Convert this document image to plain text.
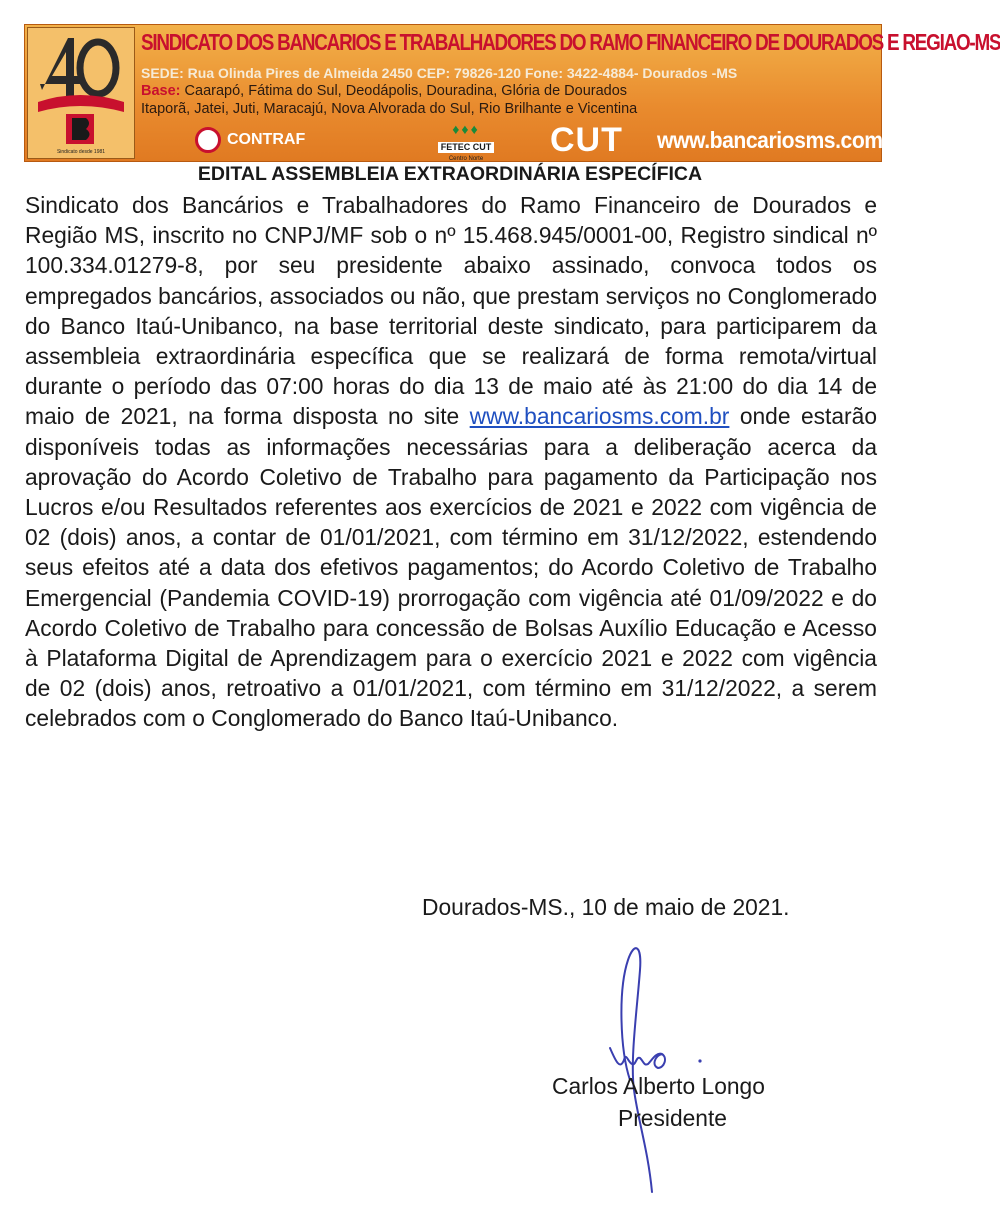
Sindicato desde 1981
SINDICATO DOS BANCARIOS E TRABALHADORES DO RAMO FINANCEIRO DE DOURADOS E REGIAO-MS
SEDE: Rua Olinda Pires de Almeida 2450 CEP: 79826-120 Fone: 3422-4884- Dourados -MS
Base: Caarapó, Fátima do Sul, Deodápolis, Douradina, Glória de Dourados
Itaporã, Jatei, Juti, Maracajú, Nova Alvorada do Sul, Rio Brilhante e Vicentina
CONTRAF
♦♦♦
FETEC CUT
Centro Norte	CUT www.bancariosms.com.br
EDITAL ASSEMBLEIA EXTRAORDINÁRIA ESPECÍFICA
Sindicato dos Bancários e Trabalhadores do Ramo Financeiro de Dourados e Região MS, inscrito no CNPJ/MF sob o nº 15.468.945/0001-00, Registro sindical nº 100.334.01279-8, por seu presidente abaixo assinado, convoca todos os empregados bancários, associados ou não, que prestam serviços no Conglomerado do Banco Itaú-Unibanco, na base territorial deste sindicato, para participarem da assembleia extraordinária específica que se realizará de forma remota/virtual durante o período das 07:00 horas do dia 13 de maio até às 21:00 do dia 14 de maio de 2021, na forma disposta no site www.bancariosms.com.br onde estarão disponíveis todas as informações necessárias para a deliberação acerca da aprovação do Acordo Coletivo de Trabalho para pagamento da Participação nos Lucros e/ou Resultados referentes aos exercícios de 2021 e 2022 com vigência de 02 (dois) anos, a contar de 01/01/2021, com término em 31/12/2022, estendendo seus efeitos até a data dos efetivos pagamentos; do Acordo Coletivo de Trabalho Emergencial (Pandemia COVID-19) prorrogação com vigência até 01/09/2022 e do Acordo Coletivo de Trabalho para concessão de Bolsas Auxílio Educação e Acesso à Plataforma Digital de Aprendizagem para o exercício 2021 e 2022 com vigência de 02 (dois) anos, retroativo a 01/01/2021, com término em 31/12/2022, a serem celebrados com o Conglomerado do Banco Itaú-Unibanco.
Dourados-MS., 10 de maio de 2021.
Carlos Alberto Longo
Presidente
